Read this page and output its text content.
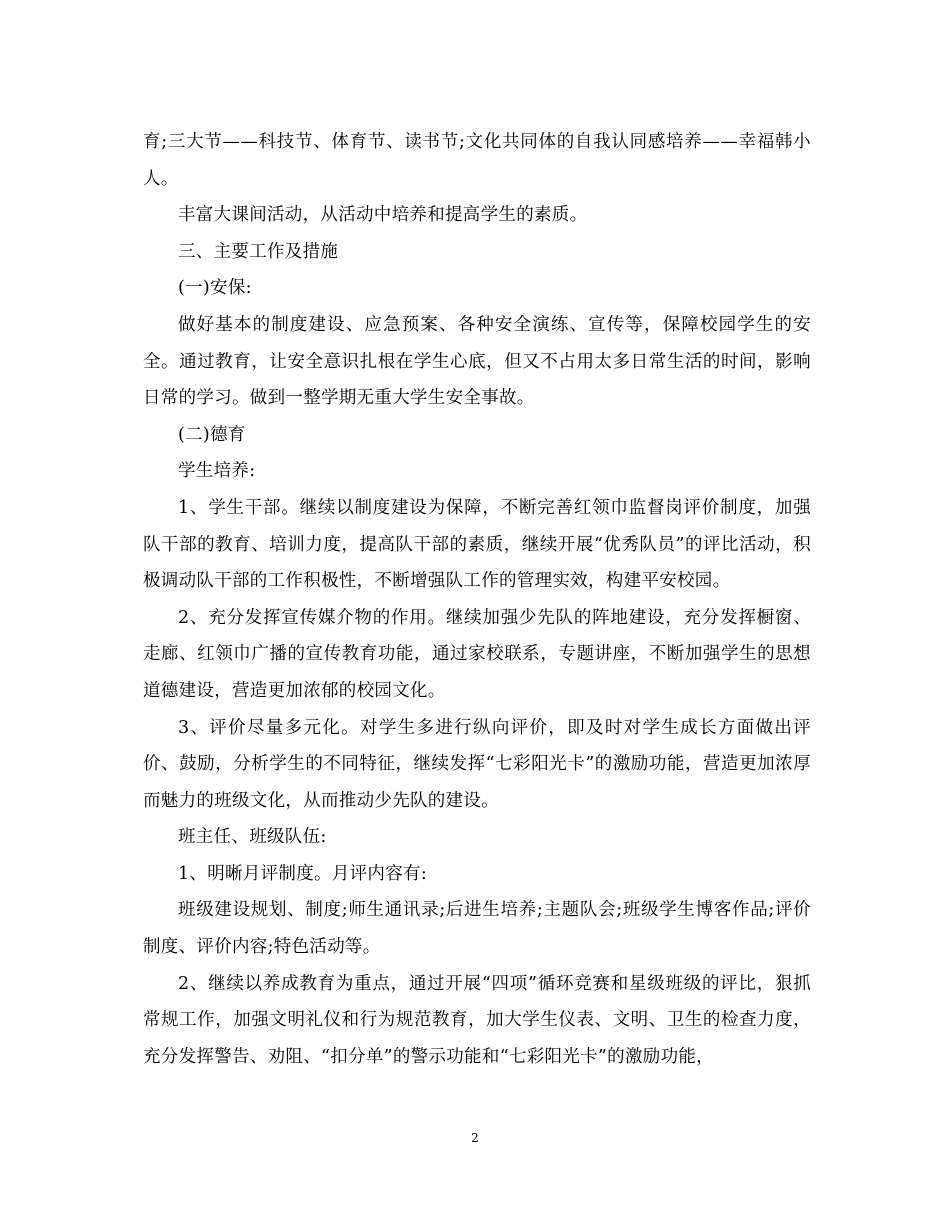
育;三大节——科技节、体育节、读书节;文化共同体的自我认同感培养——幸福韩小人。

丰富大课间活动，从活动中培养和提高学生的素质。

三、主要工作及措施

(一)安保:

做好基本的制度建设、应急预案、各种安全演练、宣传等，保障校园学生的安全。通过教育，让安全意识扎根在学生心底，但又不占用太多日常生活的时间，影响日常的学习。做到一整学期无重大学生安全事故。

(二)德育

学生培养:

1、学生干部。继续以制度建设为保障，不断完善红领巾监督岗评价制度，加强队干部的教育、培训力度，提高队干部的素质，继续开展“优秀队员”的评比活动，积极调动队干部的工作积极性，不断增强队工作的管理实效，构建平安校园。

2、充分发挥宣传媒介物的作用。继续加强少先队的阵地建设，充分发挥橱窗、走廊、红领巾广播的宣传教育功能，通过家校联系，专题讲座，不断加强学生的思想道德建设，营造更加浓郁的校园文化。

3、评价尽量多元化。对学生多进行纵向评价，即及时对学生成长方面做出评价、鼓励，分析学生的不同特征，继续发挥“七彩阳光卡”的激励功能，营造更加浓厚而魅力的班级文化，从而推动少先队的建设。

班主任、班级队伍:

1、明晰月评制度。月评内容有:

班级建设规划、制度;师生通讯录;后进生培养;主题队会;班级学生博客作品;评价制度、评价内容;特色活动等。

2、继续以养成教育为重点，通过开展“四项”循环竞赛和星级班级的评比，狠抓常规工作，加强文明礼仪和行为规范教育，加大学生仪表、文明、卫生的检查力度，充分发挥警告、劝阻、“扣分单”的警示功能和“七彩阳光卡”的激励功能，

2
